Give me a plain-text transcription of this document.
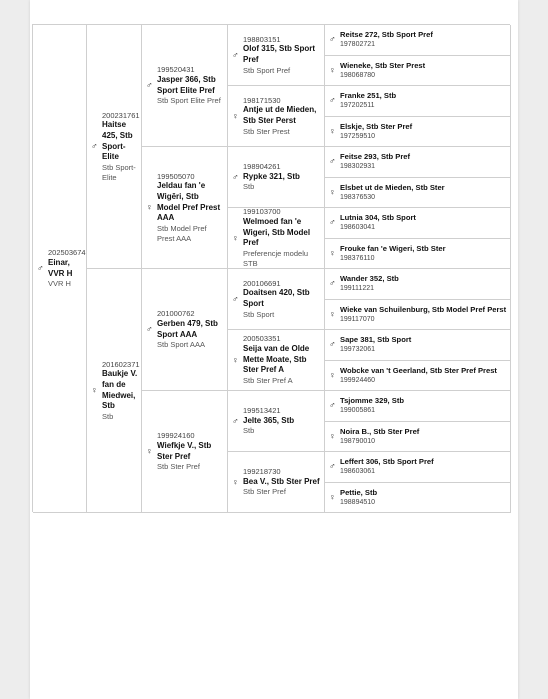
♂
202503674
Einar, VVR H
VVR H
♂
200231761
Haitse 425, Stb Sport-Elite
Stb Sport-Elite
♀
201602371
Baukje V. fan de Miedwei, Stb
Stb
♂
199520431
Jasper 366, Stb Sport Elite Pref
Stb Sport Elite Pref
♀
199505070
Jeldau fan 'e Wigēri, Stb Model Pref Prest AAA
Stb Model Pref Prest AAA
♂
201000762
Gerben 479, Stb Sport AAA
Stb Sport AAA
♀
199924160
Wiefkje V., Stb Ster Pref
Stb Ster Pref
♂
198803151
Olof 315, Stb Sport Pref
Stb Sport Pref
♀
198171530
Antje ut de Mieden, Stb Ster Perst
Stb Ster Prest
♂
198904261
Rypke 321, Stb
Stb
♀
199103700
Welmoed fan 'e Wigeri, Stb Model Pref
Preferencje modelu STB
♂
200106691
Doaitsen 420, Stb Sport
Stb Sport
♀
200503351
Seija van de Olde Mette Moate, Stb Ster Pref A
Stb Ster Pref A
♂
199513421
Jelte 365, Stb
Stb
♀
199218730
Bea V., Stb Ster Pref
Stb Ster Pref
♂ Reitse 272, Stb Sport Pref
197802721
♀ Wieneke, Stb Ster Prest
198068780
♂ Franke 251, Stb
197202511
♀ Elskje, Stb Ster Pref
197259510
♂ Feitse 293, Stb Pref
198302931
♀ Elsbet ut de Mieden, Stb Ster
198376530
♂ Lutnia 304, Stb Sport
198603041
♀ Frouke fan 'e Wigeri, Stb Ster
198376110
♂ Wander 352, Stb
199111221
♀ Wieke van Schuilenburg, Stb Model Pref Perst
199117070
♂ Sape 381, Stb Sport
199732061
♀ Wobcke van 't Geerland, Stb Ster Pref Prest
199924460
♂ Tsjomme 329, Stb
199005861
♀ Noira B., Stb Ster Pref
198790010
♂ Leffert 306, Stb Sport Pref
198603061
♀ Pettie, Stb
198894510
